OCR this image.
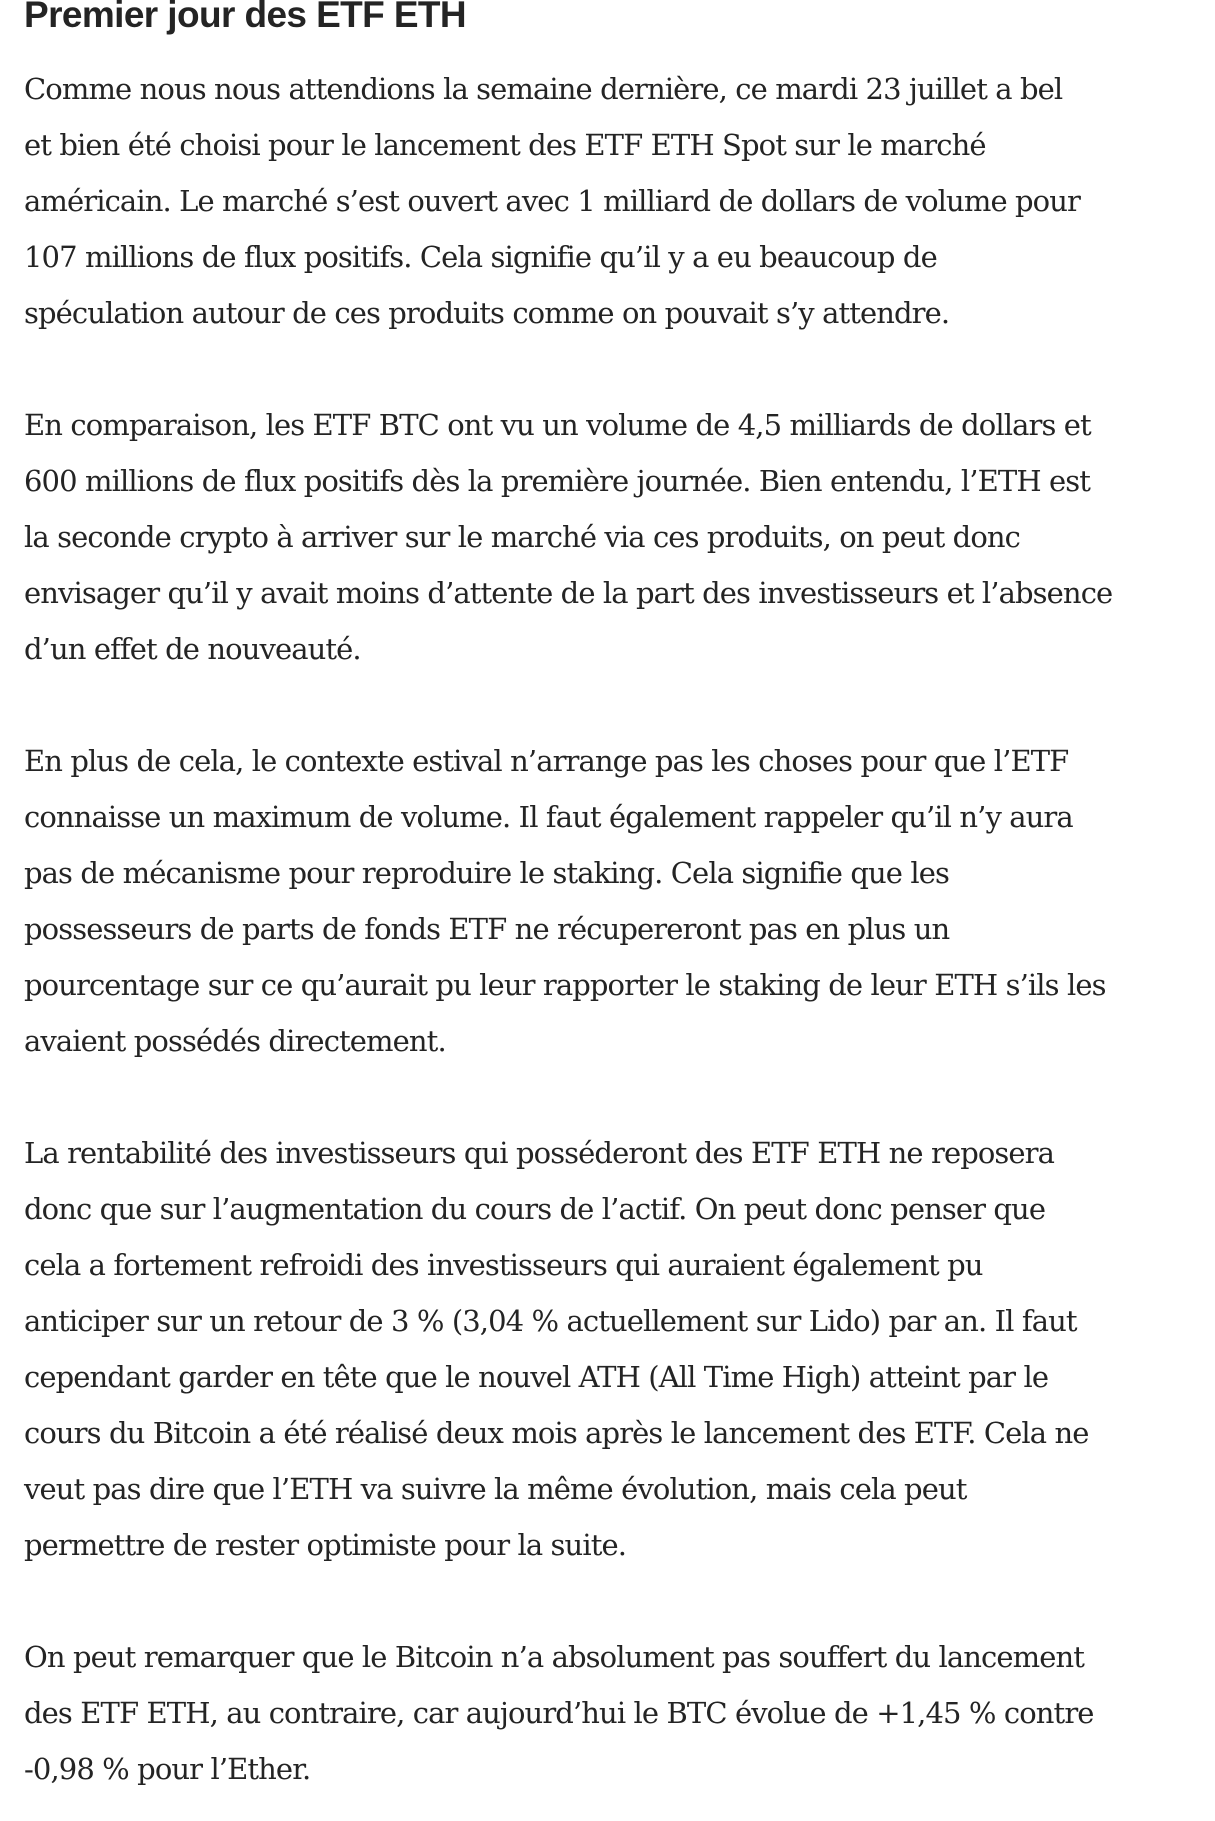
Premier jour des ETF ETH

Comme nous nous attendions la semaine dernière, ce mardi 23 juillet a bel
et bien été choisi pour le lancement des ETF ETH Spot sur le marché
américain. Le marché s’est ouvert avec 1 milliard de dollars de volume pour
107 millions de flux positifs. Cela signifie qu’il y a eu beaucoup de
spéculation autour de ces produits comme on pouvait s’y attendre.

En comparaison, les ETF BTC ont vu un volume de 4,5 milliards de dollars et
600 millions de flux positifs dès la première journée. Bien entendu, l’ETH est
la seconde crypto à arriver sur le marché via ces produits, on peut donc
envisager qu’il y avait moins d’attente de la part des investisseurs et l’absence
d’un effet de nouveauté.

En plus de cela, le contexte estival n’arrange pas les choses pour que l’ETF
connaisse un maximum de volume. Il faut également rappeler qu’il n’y aura
pas de mécanisme pour reproduire le staking. Cela signifie que les
possesseurs de parts de fonds ETF ne récupereront pas en plus un
pourcentage sur ce qu’aurait pu leur rapporter le staking de leur ETH s’ils les
avaient possédés directement.

La rentabilité des investisseurs qui posséderont des ETF ETH ne reposera
donc que sur l’augmentation du cours de l’actif. On peut donc penser que
cela a fortement refroidi des investisseurs qui auraient également pu
anticiper sur un retour de 3 % (3,04 % actuellement sur Lido) par an. Il faut
cependant garder en tête que le nouvel ATH (All Time High) atteint par le
cours du Bitcoin a été réalisé deux mois après le lancement des ETF. Cela ne
veut pas dire que l’ETH va suivre la même évolution, mais cela peut
permettre de rester optimiste pour la suite.

On peut remarquer que le Bitcoin n’a absolument pas souffert du lancement
des ETF ETH, au contraire, car aujourd’hui le BTC évolue de +1,45 % contre
-0,98 % pour l’Ether.
